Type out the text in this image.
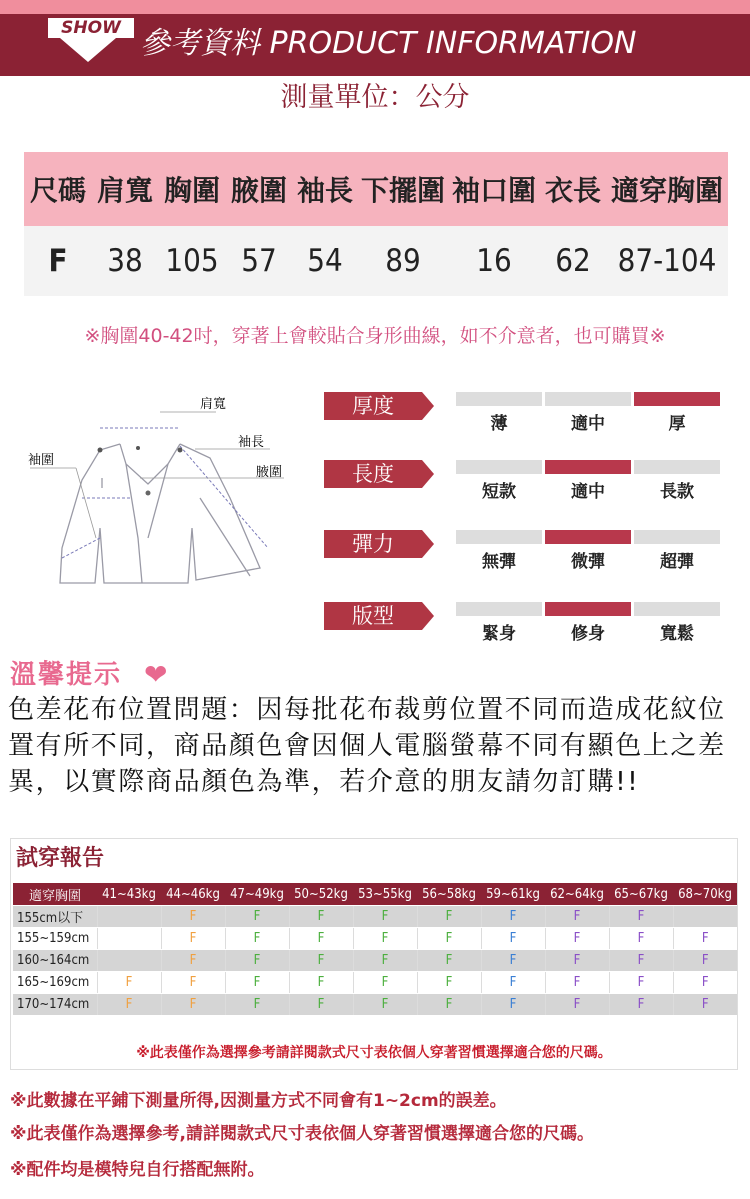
SHOW 參考資料 PRODUCT INFORMATION
測量單位：公分
尺碼	肩寬	胸圍	腋圍	袖長	下擺圍	袖口圍	衣長	適穿胸圍
F	38	105	57	54	89	16	62	87-104
※胸圍40-42吋，穿著上會較貼合身形曲線，如不介意者，也可購買※
肩寬
袖長
袖圍
腋圍
厚度
薄	適中	厚
長度
短款	適中	長款
彈力
無彈	微彈	超彈
版型
緊身	修身	寬鬆
溫馨提示 ❤
色差花布位置問題：因每批花布裁剪位置不同而造成花紋位置有所不同，商品顏色會因個人電腦螢幕不同有顯色上之差異，以實際商品顏色為準，若介意的朋友請勿訂購!!
試穿報告
適穿胸圍	41~43kg	44~46kg	47~49kg	50~52kg	53~55kg	56~58kg	59~61kg	62~64kg	65~67kg	68~70kg
155cm以下		F	F	F	F	F	F	F	F	
155~159cm		F	F	F	F	F	F	F	F	F
160~164cm		F	F	F	F	F	F	F	F	F
165~169cm	F	F	F	F	F	F	F	F	F	F
170~174cm	F	F	F	F	F	F	F	F	F	F
※此表僅作為選擇參考請詳閱款式尺寸表依個人穿著習慣選擇適合您的尺碼。
※此數據在平鋪下測量所得,因測量方式不同會有1~2cm的誤差。
※此表僅作為選擇參考,請詳閱款式尺寸表依個人穿著習慣選擇適合您的尺碼。
※配件均是模特兒自行搭配無附。
